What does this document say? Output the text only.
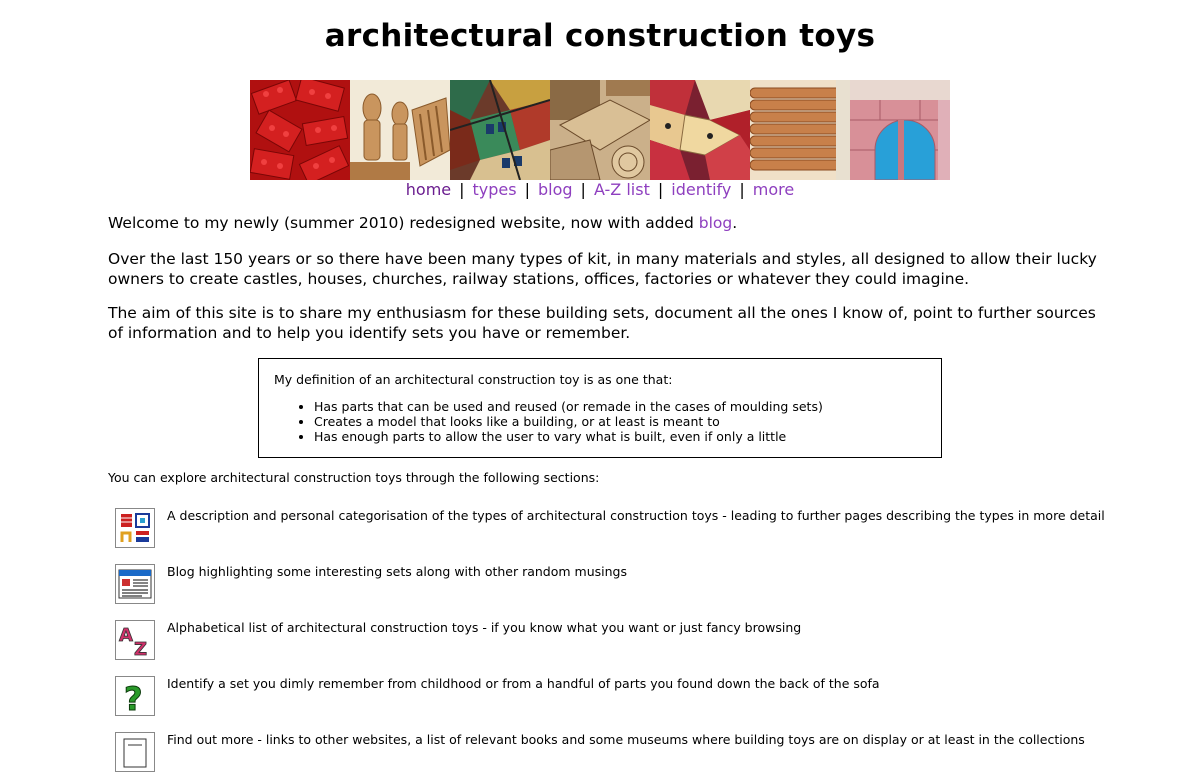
architectural construction toys
home | types | blog | A-Z list | identify | more

Welcome to my newly (summer 2010) redesigned website, now with added blog.

Over the last 150 years or so there have been many types of kit, in many materials and styles, all designed to allow their lucky owners to create castles, houses, churches, railway stations, offices, factories or whatever they could imagine.

The aim of this site is to share my enthusiasm for these building sets, document all the ones I know of, point to further sources of information and to help you identify sets you have or remember.

My definition of an architectural construction toy is as one that:
• Has parts that can be used and reused (or remade in the cases of moulding sets)
• Creates a model that looks like a building, or at least is meant to
• Has enough parts to allow the user to vary what is built, even if only a little
You can explore architectural construction toys through the following sections:
A description and personal categorisation of the types of architectural construction toys - leading to further pages describing the types in more detail
Blog highlighting some interesting sets along with other random musings
A
Z
Alphabetical list of architectural construction toys - if you know what you want or just fancy browsing
? Identify a set you dimly remember from childhood or from a handful of parts you found down the back of the sofa
Find out more - links to other websites, a list of relevant books and some museums where building toys are on display or at least in the collections
